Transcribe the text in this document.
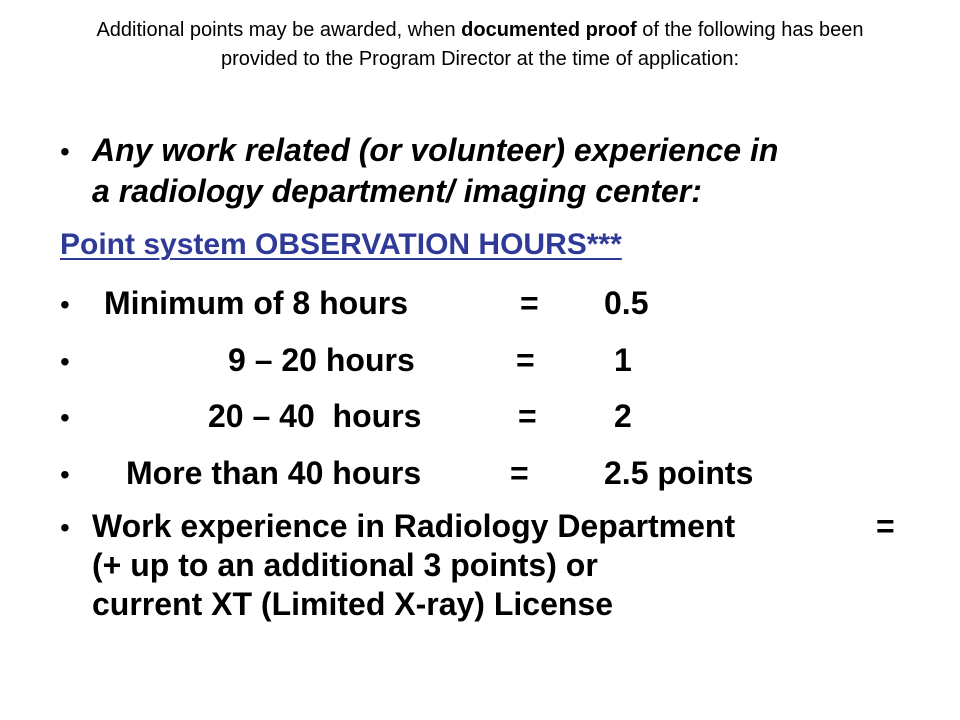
Additional points may be awarded, when documented proof of the following has been provided to the Program Director at the time of application:
• Any work related (or volunteer) experience in
a radiology department/ imaging center:
Point system OBSERVATION HOURS***
• Minimum of 8 hours	= 0.5
•	9 – 20 hours	= 1
•	20 – 40  hours	= 2
• More than 40 hours	= 2.5 points
• Work experience in Radiology Department	=
(+ up to an additional 3 points) or
current XT (Limited X-ray) License
